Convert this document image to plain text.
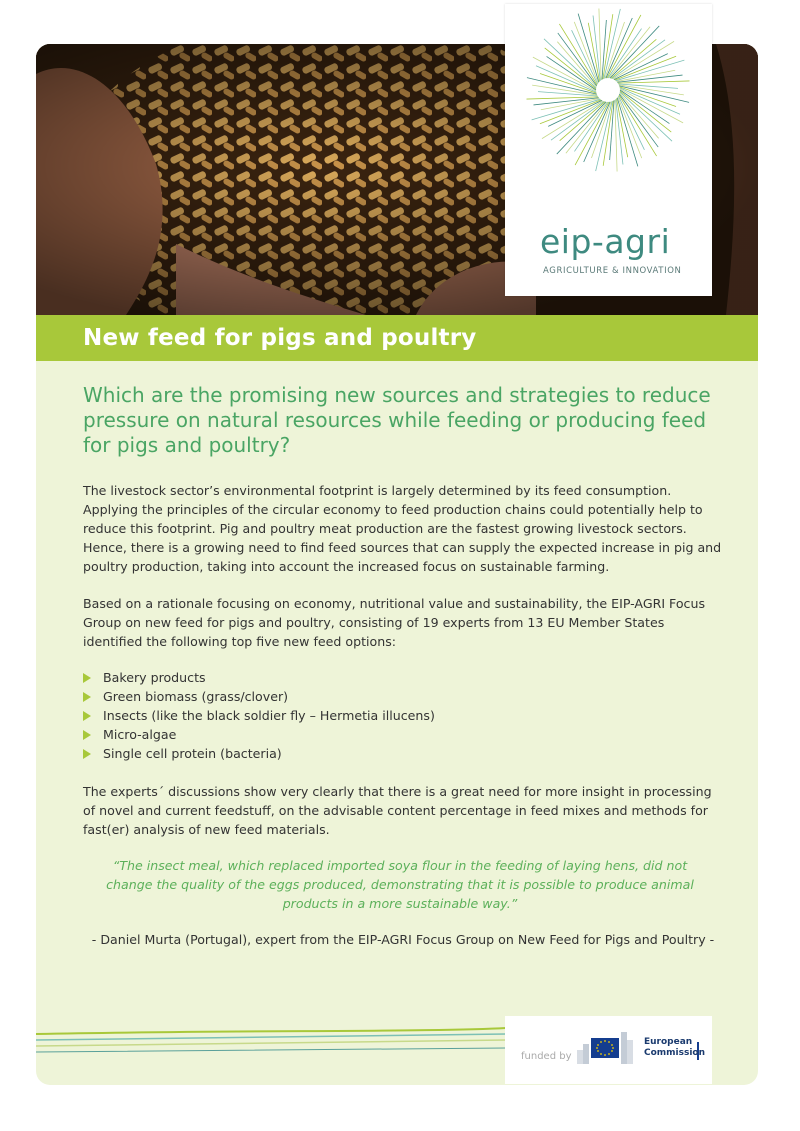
New feed for pigs and poultry
eip-agri
AGRICULTURE & INNOVATION
Which are the promising new sources and strategies to reduce pressure on natural resources while feeding or producing feed for pigs and poultry?
The livestock sector’s environmental footprint is largely determined by its feed consumption. Applying the principles of the circular economy to feed production chains could potentially help to reduce this footprint. Pig and poultry meat production are the fastest growing livestock sectors. Hence, there is a growing need to find feed sources that can supply the expected increase in pig and poultry production, taking into account the increased focus on sustainable farming.
Based on a rationale focusing on economy, nutritional value and sustainability, the EIP-AGRI Focus Group on new feed for pigs and poultry, consisting of 19 experts from 13 EU Member States identified the following top five new feed options:
Bakery products
Green biomass (grass/clover)
Insects (like the black soldier fly – Hermetia illucens)
Micro-algae
Single cell protein (bacteria)
The experts´ discussions show very clearly that there is a great need for more insight in processing of novel and current feedstuff, on the advisable content percentage in feed mixes and methods for fast(er) analysis of new feed materials.
“The insect meal, which replaced imported soya flour in the feeding of laying hens, did not change the quality of the eggs produced, demonstrating that it is possible to produce animal products in a more sustainable way.”
- Daniel Murta (Portugal), expert from the EIP-AGRI Focus Group on New Feed for Pigs and Poultry -
funded by
European
Commission
